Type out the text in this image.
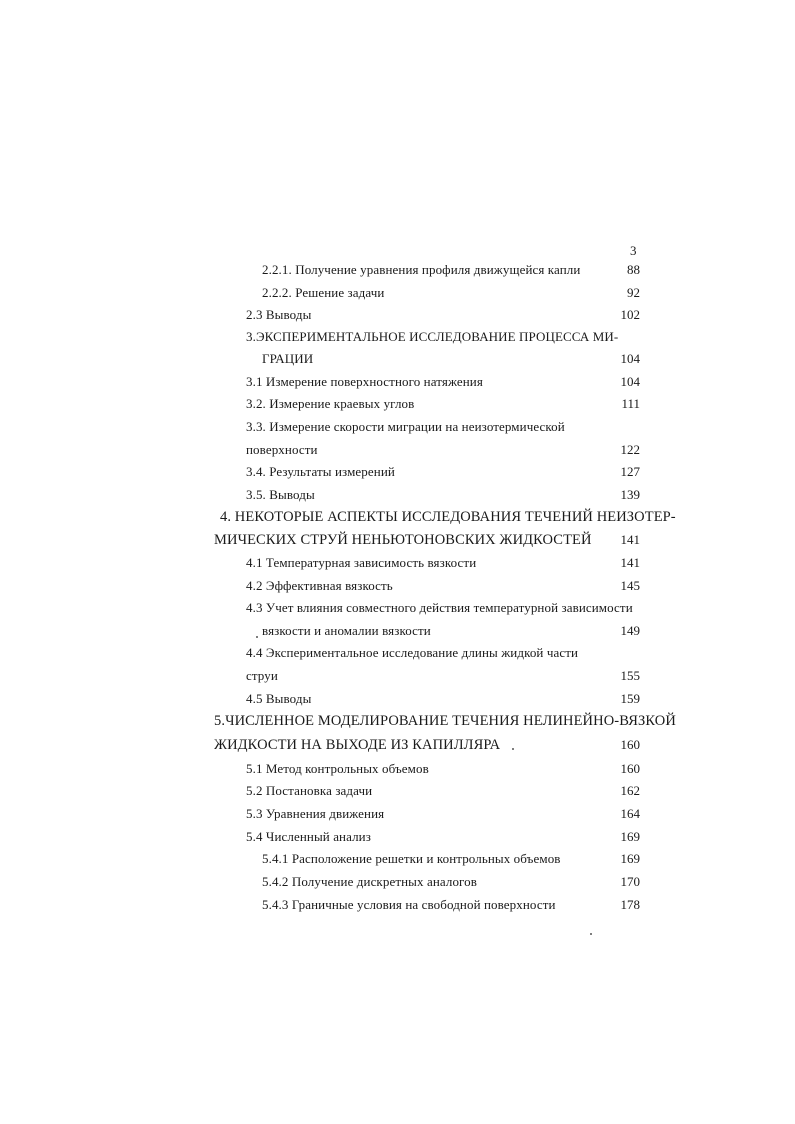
3
2.2.1. Получение уравнения профиля движущейся капли	88
2.2.2. Решение задачи	92
2.3 Выводы	102
3.ЭКСПЕРИМЕНТАЛЬНОЕ ИССЛЕДОВАНИЕ ПРОЦЕССА МИ-
ГРАЦИИ	104
3.1 Измерение поверхностного натяжения	104
3.2. Измерение краевых углов	111
3.3. Измерение скорости миграции на неизотермической
поверхности	122
3.4. Результаты измерений	127
3.5. Выводы	139
4. НЕКОТОРЫЕ АСПЕКТЫ ИССЛЕДОВАНИЯ ТЕЧЕНИЙ НЕИЗОТЕР-
МИЧЕСКИХ СТРУЙ НЕНЬЮТОНОВСКИХ ЖИДКОСТЕЙ	141
4.1 Температурная зависимость вязкости	141
4.2 Эффективная вязкость	145
4.3 Учет влияния совместного действия температурной зависимости
вязкости и аномалии вязкости	149
4.4 Экспериментальное исследование длины жидкой части
струи	155
4.5 Выводы	159
5.ЧИСЛЕННОЕ МОДЕЛИРОВАНИЕ ТЕЧЕНИЯ НЕЛИНЕЙНО-ВЯЗКОЙ
ЖИДКОСТИ НА ВЫХОДЕ ИЗ КАПИЛЛЯРА	160
5.1 Метод контрольных объемов	160
5.2 Постановка задачи	162
5.3 Уравнения движения	164
5.4 Численный анализ	169
5.4.1 Расположение решетки и контрольных объемов	169
5.4.2 Получение дискретных аналогов	170
5.4.3 Граничные условия на свободной поверхности	178
